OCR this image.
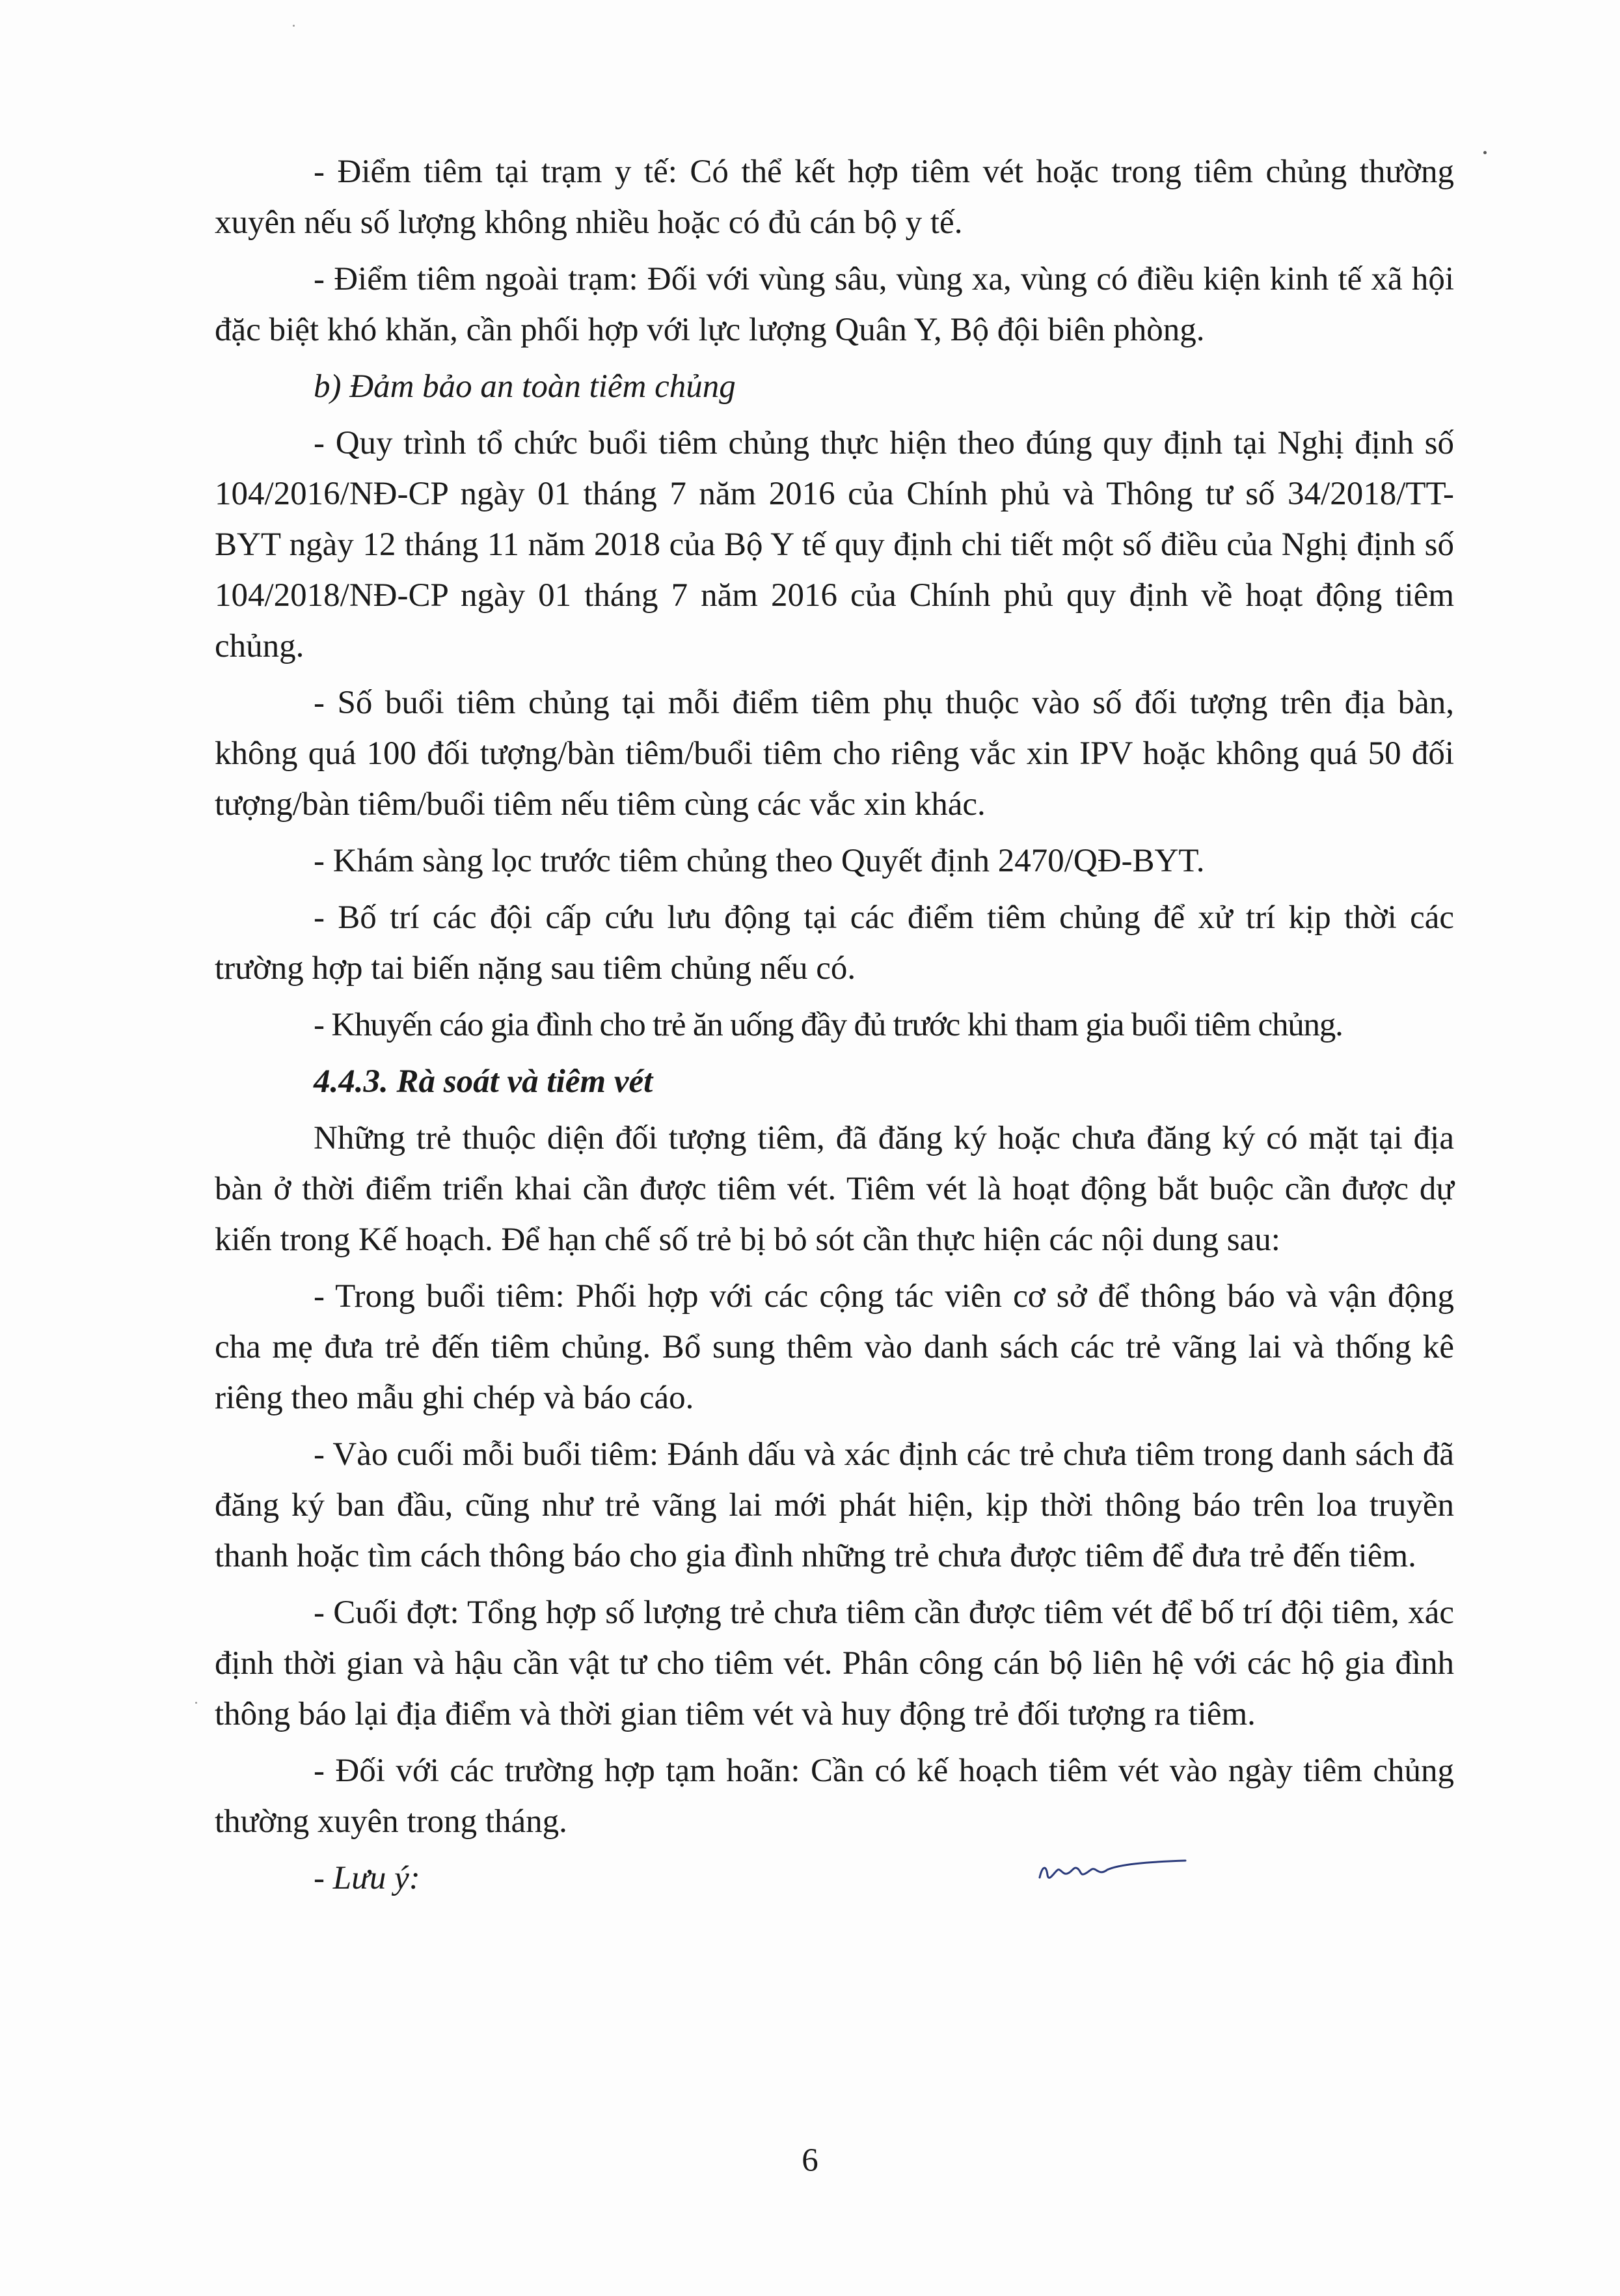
- Điểm tiêm tại trạm y tế: Có thể kết hợp tiêm vét hoặc trong tiêm chủng thường xuyên nếu số lượng không nhiều hoặc có đủ cán bộ y tế.

- Điểm tiêm ngoài trạm: Đối với vùng sâu, vùng xa, vùng có điều kiện kinh tế xã hội đặc biệt khó khăn, cần phối hợp với lực lượng Quân Y, Bộ đội biên phòng.

b) Đảm bảo an toàn tiêm chủng

- Quy trình tổ chức buổi tiêm chủng thực hiện theo đúng quy định tại Nghị định số 104/2016/NĐ-CP ngày 01 tháng 7 năm 2016 của Chính phủ và Thông tư số 34/2018/TT-BYT ngày 12 tháng 11 năm 2018 của Bộ Y tế quy định chi tiết một số điều của Nghị định số 104/2018/NĐ-CP ngày 01 tháng 7 năm 2016 của Chính phủ quy định về hoạt động tiêm chủng.

- Số buổi tiêm chủng tại mỗi điểm tiêm phụ thuộc vào số đối tượng trên địa bàn, không quá 100 đối tượng/bàn tiêm/buổi tiêm cho riêng vắc xin IPV hoặc không quá 50 đối tượng/bàn tiêm/buổi tiêm nếu tiêm cùng các vắc xin khác.

- Khám sàng lọc trước tiêm chủng theo Quyết định 2470/QĐ-BYT.

- Bố trí các đội cấp cứu lưu động tại các điểm tiêm chủng để xử trí kịp thời các trường hợp tai biến nặng sau tiêm chủng nếu có.

- Khuyến cáo gia đình cho trẻ ăn uống đầy đủ trước khi tham gia buổi tiêm chủng.

4.4.3. Rà soát và tiêm vét

Những trẻ thuộc diện đối tượng tiêm, đã đăng ký hoặc chưa đăng ký có mặt tại địa bàn ở thời điểm triển khai cần được tiêm vét. Tiêm vét là hoạt động bắt buộc cần được dự kiến trong Kế hoạch. Để hạn chế số trẻ bị bỏ sót cần thực hiện các nội dung sau:

- Trong buổi tiêm: Phối hợp với các cộng tác viên cơ sở để thông báo và vận động cha mẹ đưa trẻ đến tiêm chủng. Bổ sung thêm vào danh sách các trẻ vãng lai và thống kê riêng theo mẫu ghi chép và báo cáo.

- Vào cuối mỗi buổi tiêm: Đánh dấu và xác định các trẻ chưa tiêm trong danh sách đã đăng ký ban đầu, cũng như trẻ vãng lai mới phát hiện, kịp thời thông báo trên loa truyền thanh hoặc tìm cách thông báo cho gia đình những trẻ chưa được tiêm để đưa trẻ đến tiêm.

- Cuối đợt: Tổng hợp số lượng trẻ chưa tiêm cần được tiêm vét để bố trí đội tiêm, xác định thời gian và hậu cần vật tư cho tiêm vét. Phân công cán bộ liên hệ với các hộ gia đình thông báo lại địa điểm và thời gian tiêm vét và huy động trẻ đối tượng ra tiêm.

- Đối với các trường hợp tạm hoãn: Cần có kế hoạch tiêm vét vào ngày tiêm chủng thường xuyên trong tháng.

- Lưu ý:
6
